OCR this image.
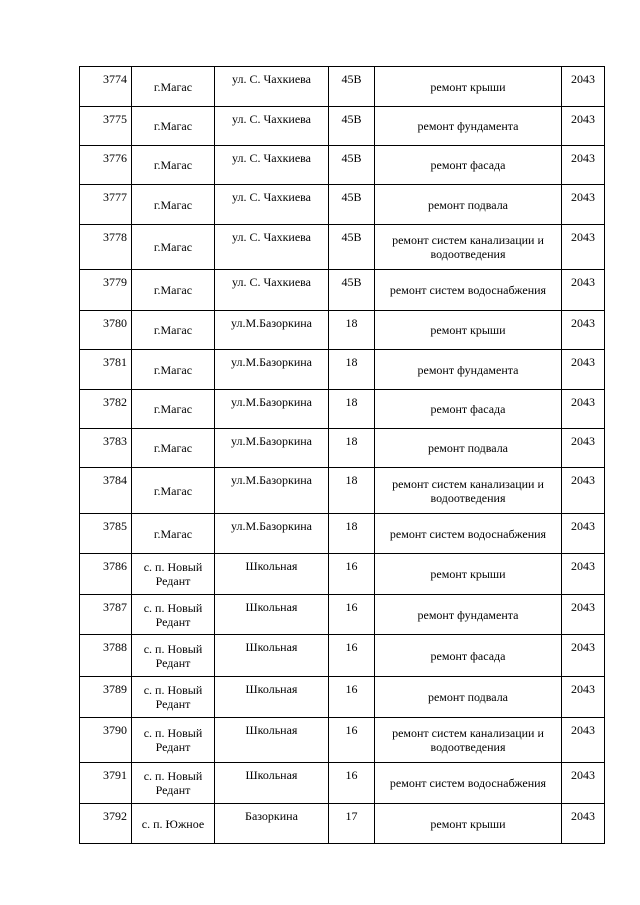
3774	г.Магас	ул. С. Чахкиева	45В	ремонт крыши	2043
3775	г.Магас	ул. С. Чахкиева	45В	ремонт фундамента	2043
3776	г.Магас	ул. С. Чахкиева	45В	ремонт фасада	2043
3777	г.Магас	ул. С. Чахкиева	45В	ремонт подвала	2043
3778	г.Магас	ул. С. Чахкиева	45В	ремонт систем канализации и водоотведения	2043
3779	г.Магас	ул. С. Чахкиева	45В	ремонт систем водоснабжения	2043
3780	г.Магас	ул.М.Базоркина	18	ремонт крыши	2043
3781	г.Магас	ул.М.Базоркина	18	ремонт фундамента	2043
3782	г.Магас	ул.М.Базоркина	18	ремонт фасада	2043
3783	г.Магас	ул.М.Базоркина	18	ремонт подвала	2043
3784	г.Магас	ул.М.Базоркина	18	ремонт систем канализации и водоотведения	2043
3785	г.Магас	ул.М.Базоркина	18	ремонт систем водоснабжения	2043
3786	с. п. Новый Редант	Школьная	16	ремонт крыши	2043
3787	с. п. Новый Редант	Школьная	16	ремонт фундамента	2043
3788	с. п. Новый Редант	Школьная	16	ремонт фасада	2043
3789	с. п. Новый Редант	Школьная	16	ремонт подвала	2043
3790	с. п. Новый Редант	Школьная	16	ремонт систем канализации и водоотведения	2043
3791	с. п. Новый Редант	Школьная	16	ремонт систем водоснабжения	2043
3792	с. п. Южное	Базоркина	17	ремонт крыши	2043
